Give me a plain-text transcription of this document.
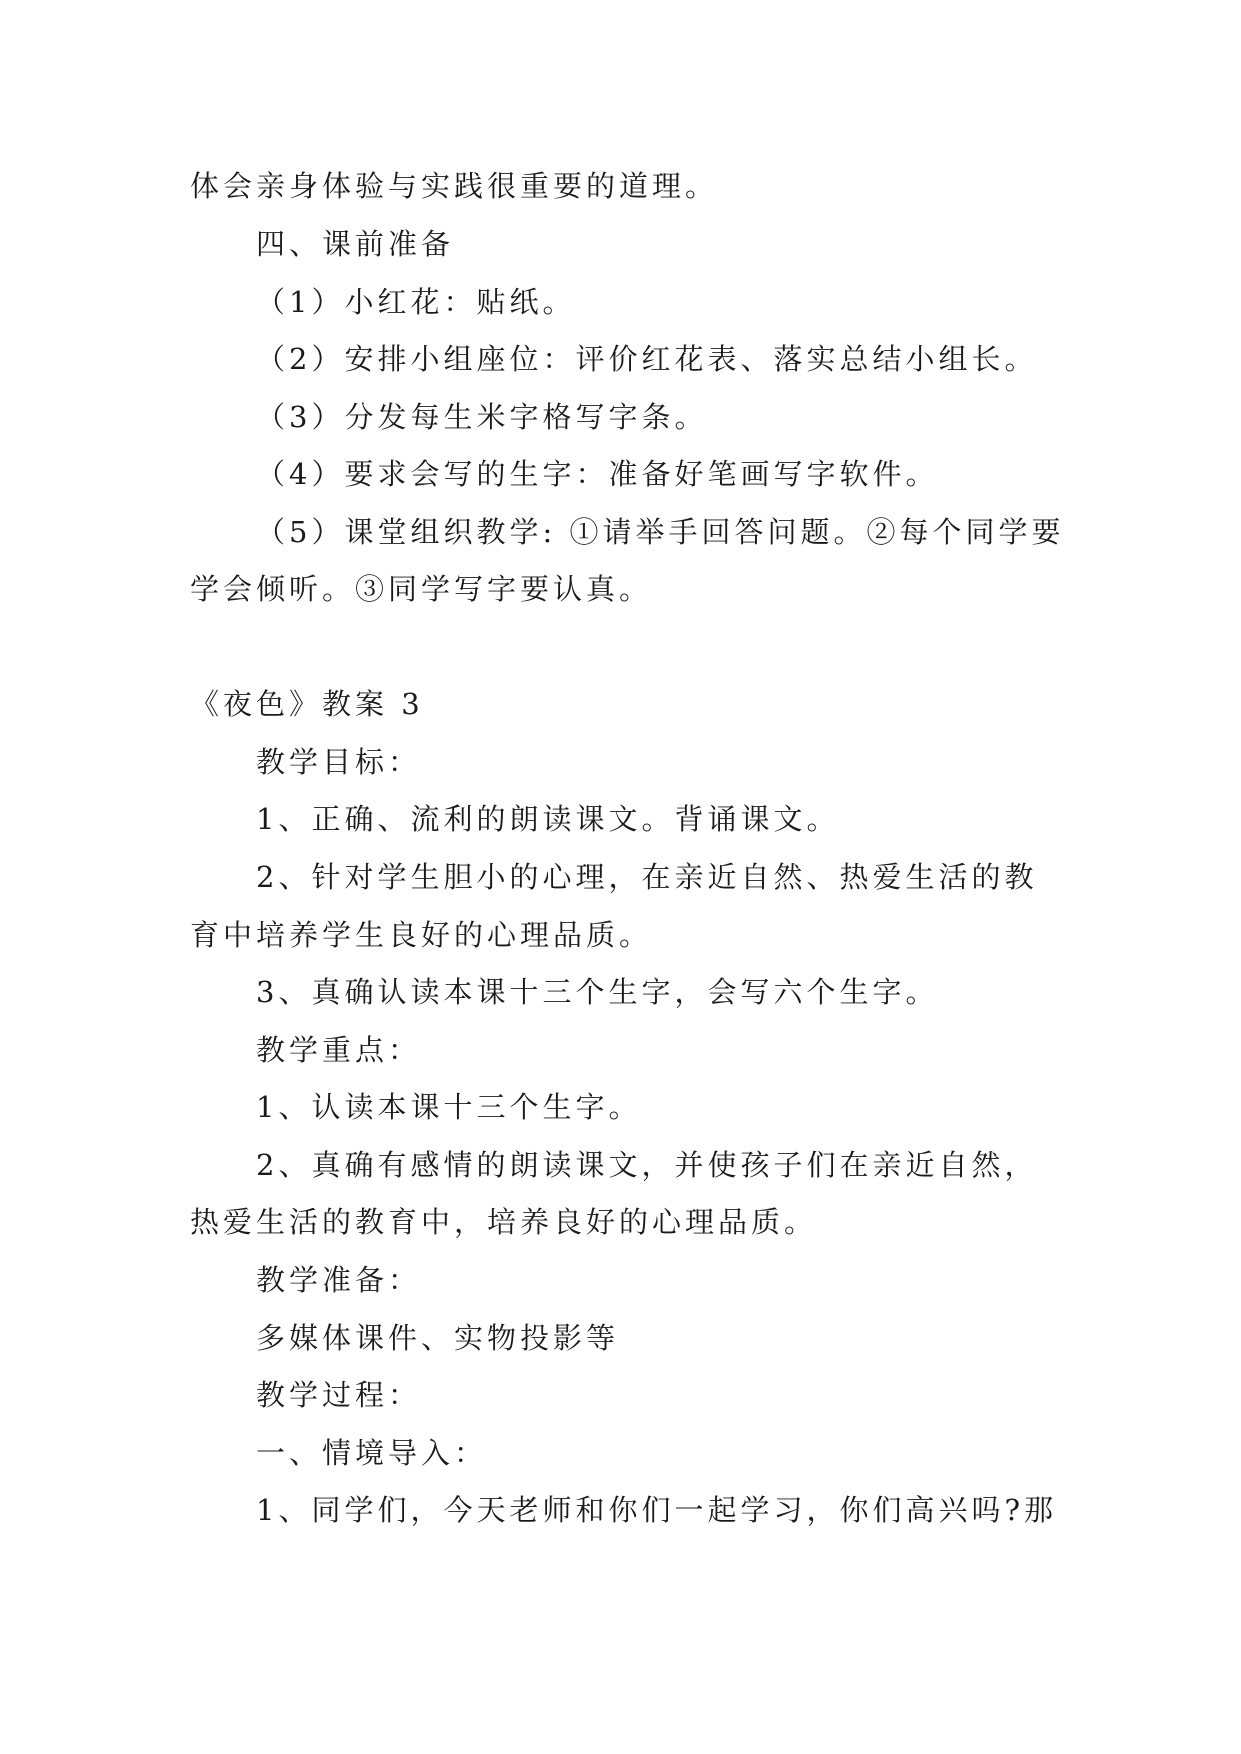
体会亲身体验与实践很重要的道理。
四、课前准备
（1）小红花：贴纸。
（2）安排小组座位：评价红花表、落实总结小组长。
（3）分发每生米字格写字条。
（4）要求会写的生字：准备好笔画写字软件。
（5）课堂组织教学: ①请举手回答问题。②每个同学要
学会倾听。③同学写字要认真。
《夜色》教案 3
教学目标：
1、正确、流利的朗读课文。背诵课文。
2、针对学生胆小的心理，在亲近自然、热爱生活的教
育中培养学生良好的心理品质。
3、真确认读本课十三个生字，会写六个生字。
教学重点：
1、认读本课十三个生字。
2、真确有感情的朗读课文，并使孩子们在亲近自然，
热爱生活的教育中，培养良好的心理品质。
教学准备：
多媒体课件、实物投影等
教学过程：
一、情境导入：
1、同学们，今天老师和你们一起学习，你们高兴吗?那
